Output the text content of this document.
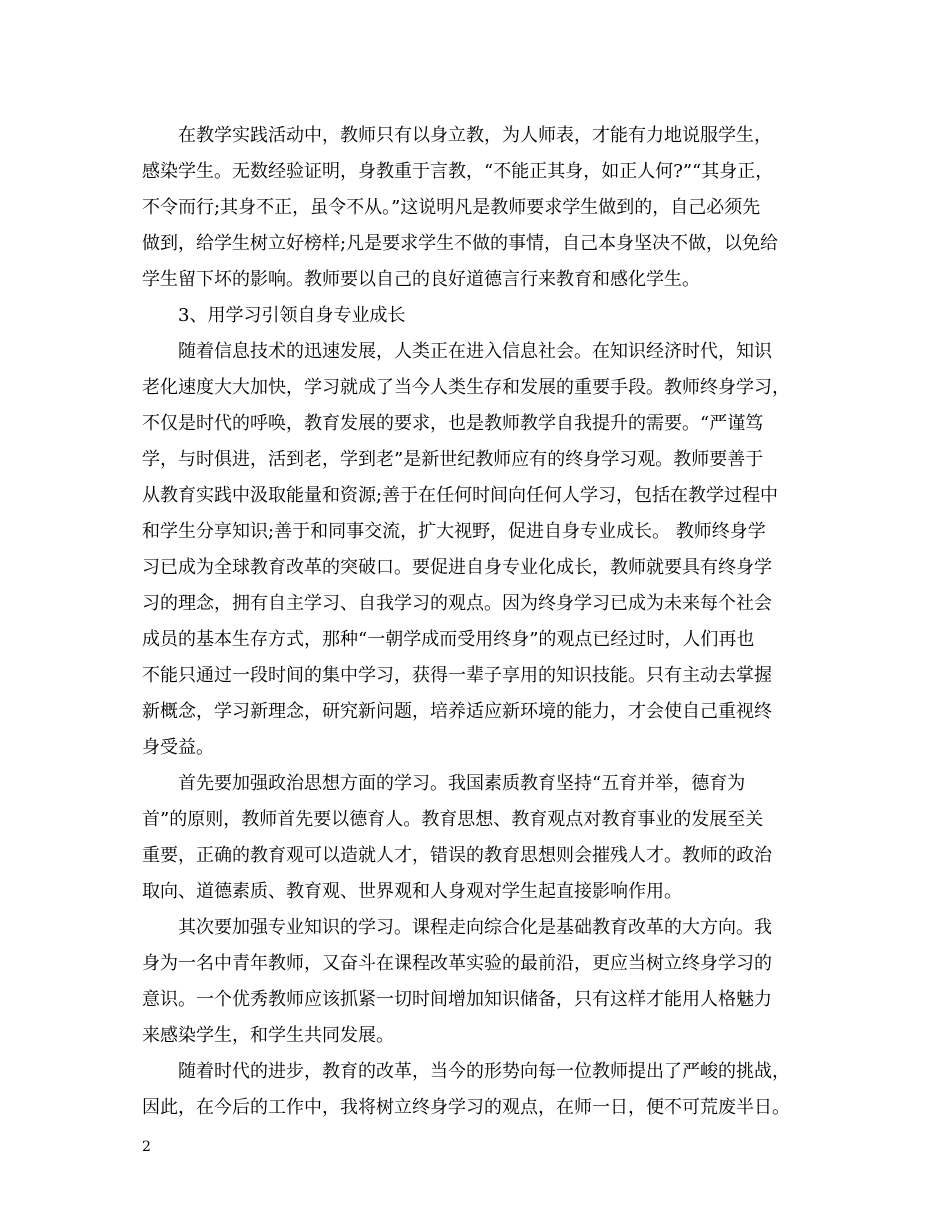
在教学实践活动中，教师只有以身立教，为人师表，才能有力地说服学生，

感染学生。无数经验证明，身教重于言教，“不能正其身，如正人何?”“其身正，

不令而行;其身不正，虽令不从。”这说明凡是教师要求学生做到的，自己必须先

做到，给学生树立好榜样;凡是要求学生不做的事情，自己本身坚决不做，以免给

学生留下坏的影响。教师要以自己的良好道德言行来教育和感化学生。

3、用学习引领自身专业成长

随着信息技术的迅速发展，人类正在进入信息社会。在知识经济时代，知识

老化速度大大加快，学习就成了当今人类生存和发展的重要手段。教师终身学习，

不仅是时代的呼唤，教育发展的要求，也是教师教学自我提升的需要。“严谨笃

学，与时俱进，活到老，学到老”是新世纪教师应有的终身学习观。教师要善于

从教育实践中汲取能量和资源;善于在任何时间向任何人学习，包括在教学过程中

和学生分享知识;善于和同事交流，扩大视野，促进自身专业成长。 教师终身学

习已成为全球教育改革的突破口。要促进自身专业化成长，教师就要具有终身学

习的理念，拥有自主学习、自我学习的观点。因为终身学习已成为未来每个社会

成员的基本生存方式，那种“一朝学成而受用终身”的观点已经过时，人们再也

不能只通过一段时间的集中学习，获得一辈子享用的知识技能。只有主动去掌握

新概念，学习新理念，研究新问题，培养适应新环境的能力，才会使自己重视终

身受益。

首先要加强政治思想方面的学习。我国素质教育坚持“五育并举，德育为

首”的原则，教师首先要以德育人。教育思想、教育观点对教育事业的发展至关

重要，正确的教育观可以造就人才，错误的教育思想则会摧残人才。教师的政治

取向、道德素质、教育观、世界观和人身观对学生起直接影响作用。

其次要加强专业知识的学习。课程走向综合化是基础教育改革的大方向。我

身为一名中青年教师，又奋斗在课程改革实验的最前沿，更应当树立终身学习的

意识。一个优秀教师应该抓紧一切时间增加知识储备，只有这样才能用人格魅力

来感染学生，和学生共同发展。

随着时代的进步，教育的改革，当今的形势向每一位教师提出了严峻的挑战，

因此，在今后的工作中，我将树立终身学习的观点，在师一日，便不可荒废半日。

2
